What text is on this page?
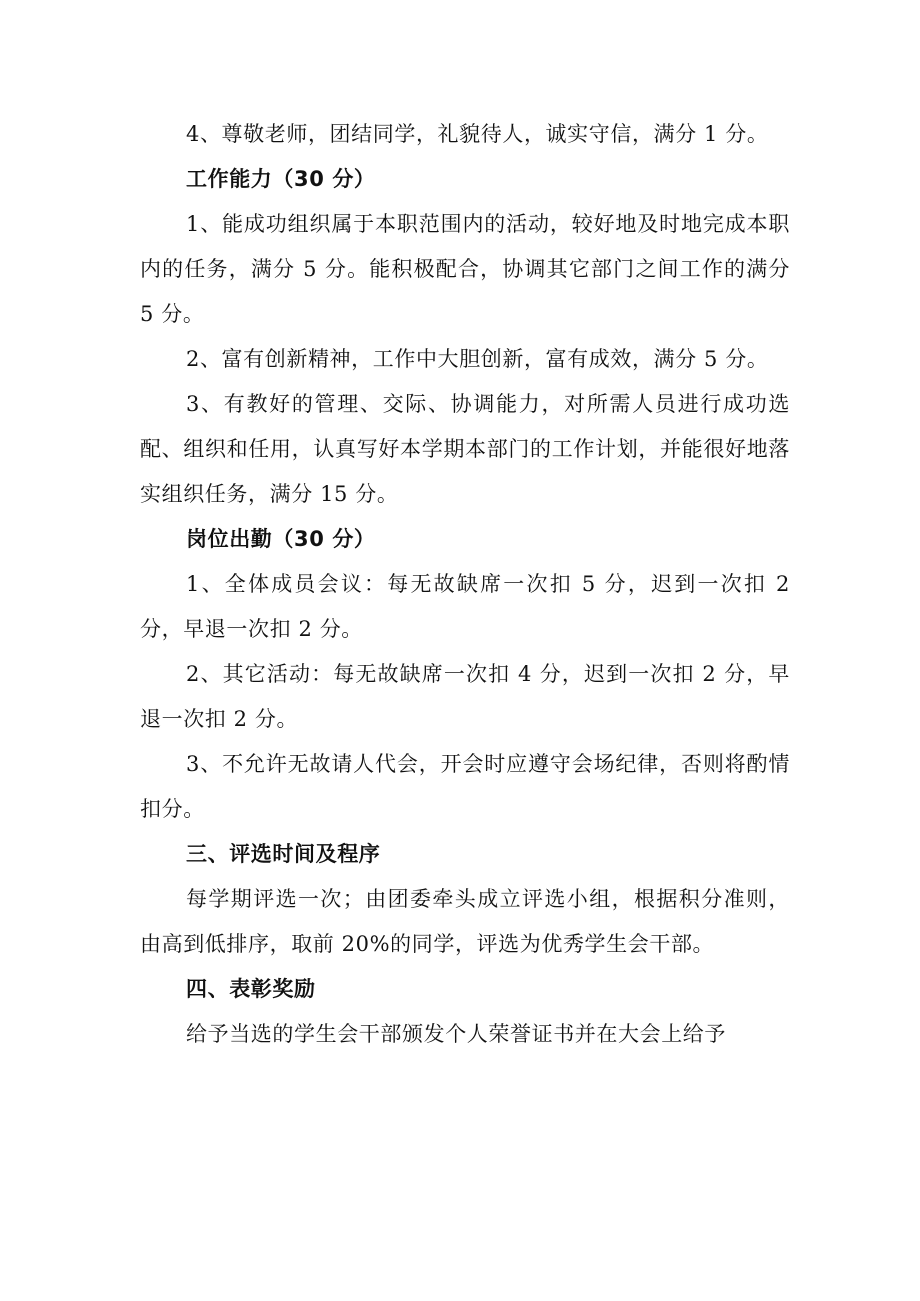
4、尊敬老师，团结同学，礼貌待人，诚实守信，满分 1 分。

工作能力（30 分）

1、能成功组织属于本职范围内的活动，较好地及时地完成本职内的任务，满分 5 分。能积极配合，协调其它部门之间工作的满分 5 分。

2、富有创新精神，工作中大胆创新，富有成效，满分 5 分。

3、有教好的管理、交际、协调能力，对所需人员进行成功选配、组织和任用，认真写好本学期本部门的工作计划，并能很好地落实组织任务，满分 15 分。

岗位出勤（30 分）

1、全体成员会议：每无故缺席一次扣 5 分，迟到一次扣 2 分，早退一次扣 2 分。

2、其它活动：每无故缺席一次扣 4 分，迟到一次扣 2 分，早退一次扣 2 分。

3、不允许无故请人代会，开会时应遵守会场纪律，否则将酌情扣分。

三、评选时间及程序

每学期评选一次；由团委牵头成立评选小组，根据积分准则，由高到低排序，取前 20%的同学，评选为优秀学生会干部。

四、表彰奖励

给予当选的学生会干部颁发个人荣誉证书并在大会上给予
